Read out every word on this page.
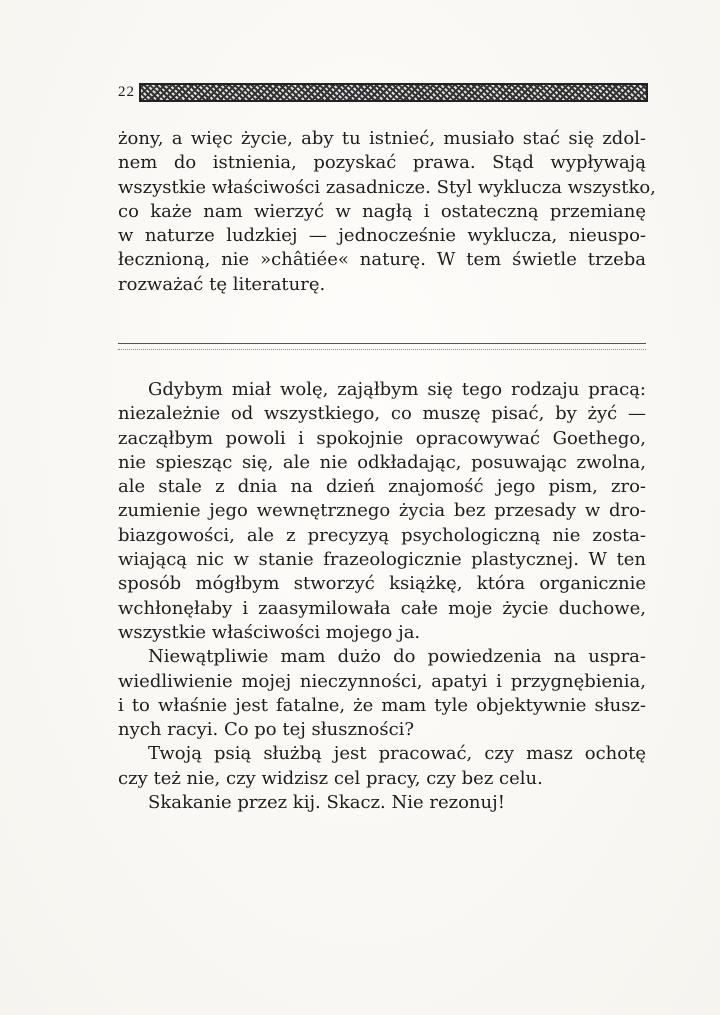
22
żony, a więc życie, aby tu istnieć, musiało stać się zdol-
nem do istnienia, pozyskać prawa. Stąd wypływają
wszystkie właściwości zasadnicze. Styl wyklucza wszystko,
co każe nam wierzyć w nagłą i ostateczną przemianę
w naturze ludzkiej — jednocześnie wyklucza, nieuspo-
łecznioną, nie »châtiée« naturę. W tem świetle trzeba
rozważać tę literaturę.
Gdybym miał wolę, zająłbym się tego rodzaju pracą:
niezależnie od wszystkiego, co muszę pisać, by żyć —
zacząłbym powoli i spokojnie opracowywać Goethego,
nie spiesząc się, ale nie odkładając, posuwając zwolna,
ale stale z dnia na dzień znajomość jego pism, zro-
zumienie jego wewnętrznego życia bez przesady w dro-
biazgowości, ale z precyzyą psychologiczną nie zosta-
wiającą nic w stanie frazeologicznie plastycznej. W ten
sposób mógłbym stworzyć książkę, która organicznie
wchłonęłaby i zaasymilowała całe moje życie duchowe,
wszystkie właściwości mojego ja.
Niewątpliwie mam dużo do powiedzenia na uspra-
wiedliwienie mojej nieczynności, apatyi i przygnębienia,
i to właśnie jest fatalne, że mam tyle objektywnie słusz-
nych racyi. Co po tej słuszności?
Twoją psią służbą jest pracować, czy masz ochotę
czy też nie, czy widzisz cel pracy, czy bez celu.
Skakanie przez kij. Skacz. Nie rezonuj!
